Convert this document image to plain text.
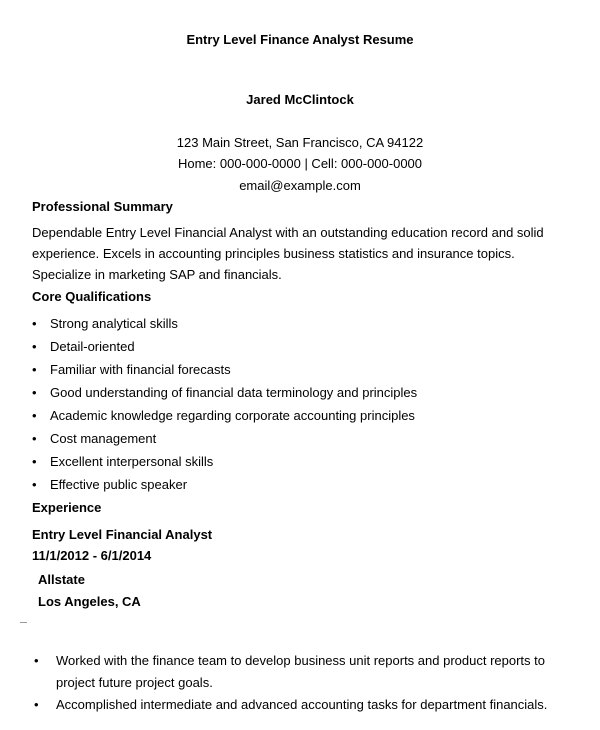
Entry Level Finance Analyst Resume
Jared McClintock
123 Main Street, San Francisco, CA 94122
Home: 000-000-0000 | Cell: 000-000-0000
email@example.com
Professional Summary
Dependable Entry Level Financial Analyst with an outstanding education record and solid experience. Excels in accounting principles business statistics and insurance topics. Specialize in marketing SAP and financials.
Core Qualifications
• Strong analytical skills
• Detail-oriented
• Familiar with financial forecasts
• Good understanding of financial data terminology and principles
• Academic knowledge regarding corporate accounting principles
• Cost management
• Excellent interpersonal skills
• Effective public speaker
Experience
Entry Level Financial Analyst
11/1/2012 - 6/1/2014
Allstate
Los Angeles, CA
• Worked with the finance team to develop business unit reports and product reports to project future project goals.
• Accomplished intermediate and advanced accounting tasks for department financials.
